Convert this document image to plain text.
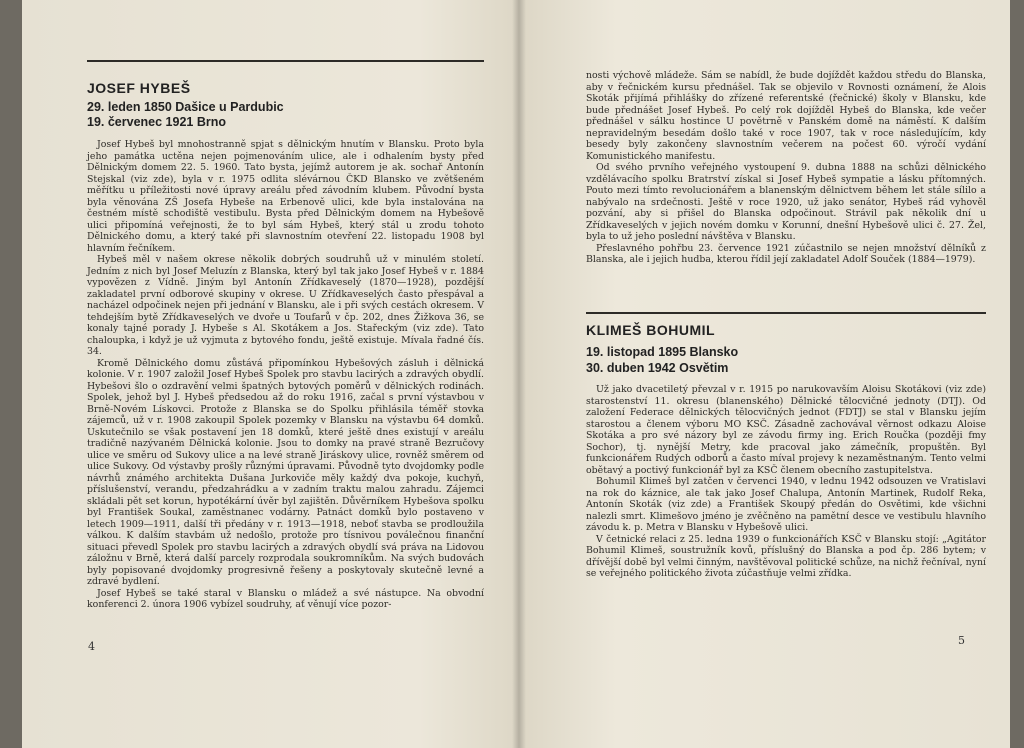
JOSEF HYBEŠ
29. leden 1850 Dašice u Pardubic
19. červenec 1921 Brno

Josef Hybeš byl mnohostranně spjat s dělnickým hnutím v Blansku. Proto byla jeho památka uctěna nejen pojmenováním ulice, ale i odhalením bysty před Dělnickým domem 22. 5. 1960. Tato bysta, jejímž autorem je ak. sochař Antonín Stejskal (viz zde), byla v r. 1975 odlita slévárnou ČKD Blansko ve zvětšeném měřítku u příležitosti nové úpravy areálu před závodním klubem. Původní bysta byla věnována ZŠ Josefa Hybeše na Erbenově ulici, kde byla instalována na čestném místě schodiště vestibulu. Bysta před Dělnickým domem na Hybešově ulici připomíná veřejnosti, že to byl sám Hybeš, který stál u zrodu tohoto Dělnického domu, a který také při slavnostním otevření 22. listopadu 1908 byl hlavním řečníkem.

Hybeš měl v našem okrese několik dobrých soudruhů už v minulém století. Jedním z nich byl Josef Meluzín z Blanska, který byl tak jako Josef Hybeš v r. 1884 vypovězen z Vídně. Jiným byl Antonín Zřídkaveselý (1870—1928), pozdější zakladatel první odborové skupiny v okrese. U Zřídkaveselých často přespával a nacházel odpočinek nejen při jednání v Blansku, ale i při svých cestách okresem. V tehdejším bytě Zřídkaveselých ve dvoře u Toufarů v čp. 202, dnes Žižkova 36, se konaly tajné porady J. Hybeše s Al. Skotákem a Jos. Stařeckým (viz zde). Tato chaloupka, i když je už vyjmuta z bytového fondu, ještě existuje. Mívala řadné čís. 34.

Kromě Dělnického domu zůstává připomínkou Hybešových zásluh i dělnická kolonie. V r. 1907 založil Josef Hybeš Spolek pro stavbu lacirých a zdravých obydlí. Hybešovi šlo o ozdravění velmi špatných bytových poměrů v dělnických rodinách. Spolek, jehož byl J. Hybeš předsedou až do roku 1916, začal s první výstavbou v Brně-Novém Lískovci. Protože z Blanska se do Spolku přihlásila téměř stovka zájemců, už v r. 1908 zakoupil Spolek pozemky v Blansku na výstavbu 64 domků. Uskutečnilo se však postavení jen 18 domků, které ještě dnes existují v areálu tradičně nazývaném Dělnická kolonie. Jsou to domky na pravé straně Bezručovy ulice ve směru od Sukovy ulice a na levé straně Jiráskovy ulice, rovněž směrem od ulice Sukovy. Od výstavby prošly různými úpravami. Původně tyto dvojdomky podle návrhů známého architekta Dušana Jurkoviče měly každý dva pokoje, kuchyň, příslušenství, verandu, předzahrádku a v zadním traktu malou zahradu. Zájemci skládali pět set korun, hypotékární úvěr byl zajištěn. Důvěrníkem Hybešova spolku byl František Soukal, zaměstnanec vodárny. Patnáct domků bylo postaveno v letech 1909—1911, další tři předány v r. 1913—1918, neboť stavba se prodloužila válkou. K dalším stavbám už nedošlo, protože pro tísnivou poválečnou finanční situaci převedl Spolek pro stavbu lacirých a zdravých obydlí svá práva na Lidovou záložnu v Brně, která další parcely rozprodala soukromníkům. Na svých budovách byly popisované dvojdomky progresivně řešeny a poskytovaly skutečně levné a zdravé bydlení.

Josef Hybeš se také staral v Blansku o mládež a své nástupce. Na obvodní konferenci 2. února 1906 vybízel soudruhy, ať věnují více pozor-

4

nosti výchově mládeže. Sám se nabídl, že bude dojíždět každou středu do Blanska, aby v řečnickém kursu přednášel. Tak se objevilo v Rovnosti oznámení, že Alois Skoták přijímá přihlášky do zřízené referentské (řečnické) školy v Blansku, kde bude přednášet Josef Hybeš. Po celý rok dojížděl Hybeš do Blanska, kde večer přednášel v sálku hostince U povětrně v Panském domě na náměstí. K dalším nepravidelným besedám došlo také v roce 1907, tak v roce následujícím, kdy besedy byly zakončeny slavnostním večerem na počest 60. výročí vydání Komunistického manifestu.

Od svého prvního veřejného vystoupení 9. dubna 1888 na schůzi dělnického vzdělávacího spolku Bratrství získal si Josef Hybeš sympatie a lásku přítomných. Pouto mezi tímto revolucionářem a blanenským dělnictvem během let stále sílilo a nabývalo na srdečnosti. Ještě v roce 1920, už jako senátor, Hybeš rád vyhověl pozvání, aby si přišel do Blanska odpočinout. Strávil pak několik dní u Zřídkaveselých v jejich novém domku v Korunní, dnešní Hybešově ulici č. 27. Žel, byla to už jeho poslední návštěva v Blansku.

Přeslavného pohřbu 23. července 1921 zúčastnilo se nejen množství dělníků z Blanska, ale i jejich hudba, kterou řídil její zakladatel Adolf Souček (1884—1979).

KLIMEŠ BOHUMIL
19. listopad 1895 Blansko
30. duben 1942 Osvětim

Už jako dvacetiletý převzal v r. 1915 po narukovavším Aloisu Skotákovi (viz zde) starostenství 11. okresu (blanenského) Dělnické tělocvičné jednoty (DTJ). Od založení Federace dělnických tělocvičných jednot (FDTJ) se stal v Blansku jejím starostou a členem výboru MO KSČ. Zásadně zachovával věrnost odkazu Aloise Skotáka a pro své názory byl ze závodu firmy ing. Erich Roučka (později fmy Sochor), tj. nynější Metry, kde pracoval jako zámečník, propuštěn. Byl funkcionářem Rudých odborů a často míval projevy k nezaměstnaným. Tento velmi obětavý a poctivý funkcionář byl za KSČ členem obecního zastupitelstva.

Bohumil Klimeš byl zatčen v červenci 1940, v lednu 1942 odsouzen ve Vratislavi na rok do káznice, ale tak jako Josef Chalupa, Antonín Martinek, Rudolf Reka, Antonín Skoták (viz zde) a František Skoupý předán do Osvětimi, kde všichni nalezli smrt. Klimešovo jméno je zvěčněno na pamětní desce ve vestibulu hlavního závodu k. p. Metra v Blansku v Hybešově ulici.

V četnické relaci z 25. ledna 1939 o funkcionářích KSČ v Blansku stojí: „Agitátor Bohumil Klimeš, soustružník kovů, příslušný do Blanska a pod čp. 286 bytem; v dřívější době byl velmi činným, navštěvoval politické schůze, na nichž řečníval, nyní se veřejného politického života zúčastňuje velmi zřídka.

5
